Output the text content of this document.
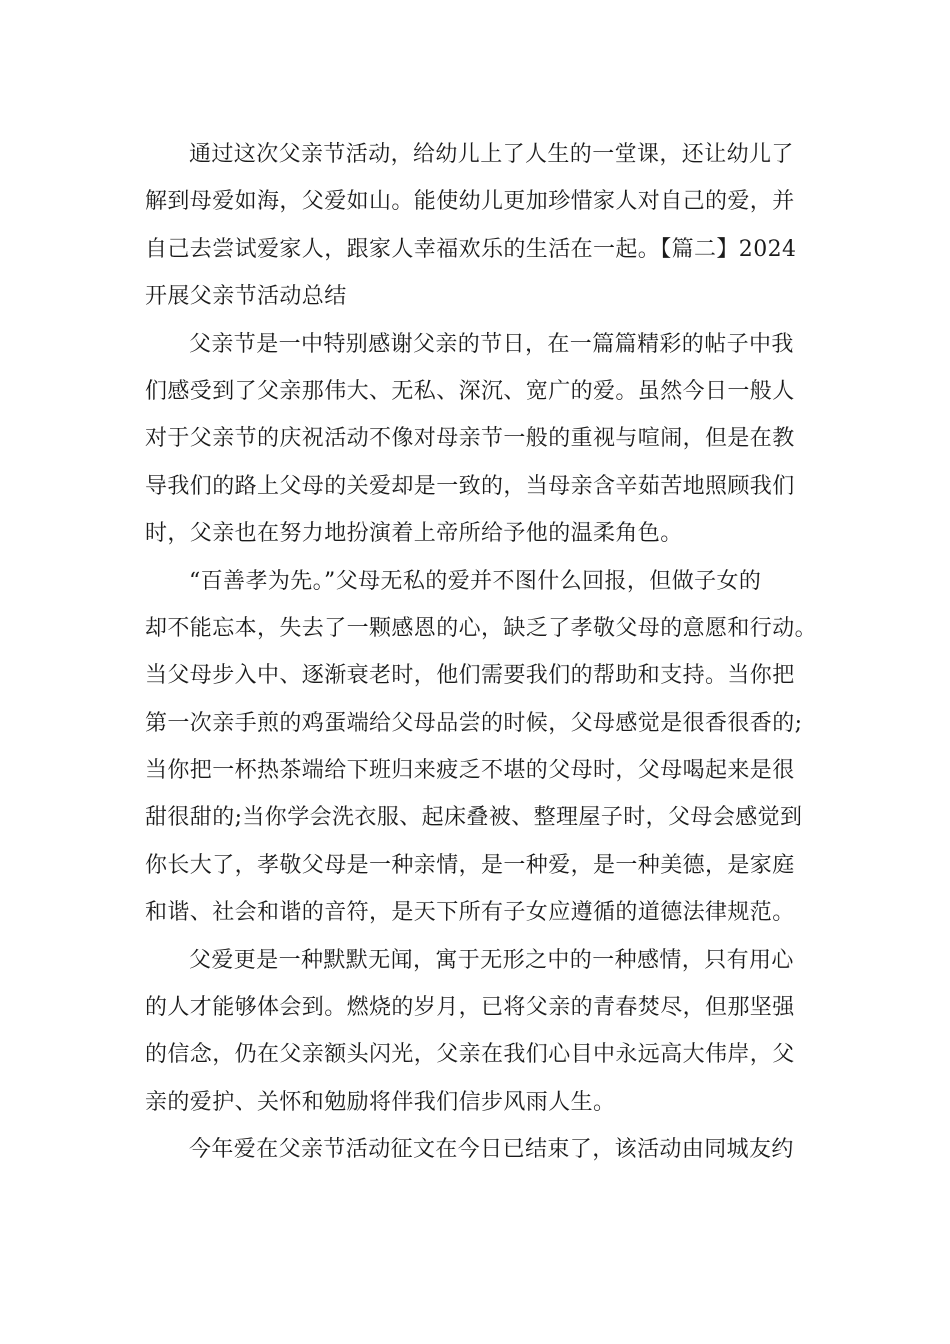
通过这次父亲节活动，给幼儿上了人生的一堂课，还让幼儿了
解到母爱如海，父爱如山。能使幼儿更加珍惜家人对自己的爱，并
自己去尝试爱家人，跟家人幸福欢乐的生活在一起。【篇二】2024
开展父亲节活动总结
父亲节是一中特别感谢父亲的节日，在一篇篇精彩的帖子中我
们感受到了父亲那伟大、无私、深沉、宽广的爱。虽然今日一般人
对于父亲节的庆祝活动不像对母亲节一般的重视与喧闹，但是在教
导我们的路上父母的关爱却是一致的，当母亲含辛茹苦地照顾我们
时，父亲也在努力地扮演着上帝所给予他的温柔角色。
“百善孝为先。”父母无私的爱并不图什么回报，但做子女的
却不能忘本，失去了一颗感恩的心，缺乏了孝敬父母的意愿和行动。
当父母步入中、逐渐衰老时，他们需要我们的帮助和支持。当你把
第一次亲手煎的鸡蛋端给父母品尝的时候，父母感觉是很香很香的;
当你把一杯热茶端给下班归来疲乏不堪的父母时，父母喝起来是很
甜很甜的;当你学会洗衣服、起床叠被、整理屋子时，父母会感觉到
你长大了，孝敬父母是一种亲情，是一种爱，是一种美德，是家庭
和谐、社会和谐的音符，是天下所有子女应遵循的道德法律规范。
父爱更是一种默默无闻，寓于无形之中的一种感情，只有用心
的人才能够体会到。燃烧的岁月，已将父亲的青春焚尽，但那坚强
的信念，仍在父亲额头闪光，父亲在我们心目中永远高大伟岸，父
亲的爱护、关怀和勉励将伴我们信步风雨人生。
今年爱在父亲节活动征文在今日已结束了，该活动由同城友约
